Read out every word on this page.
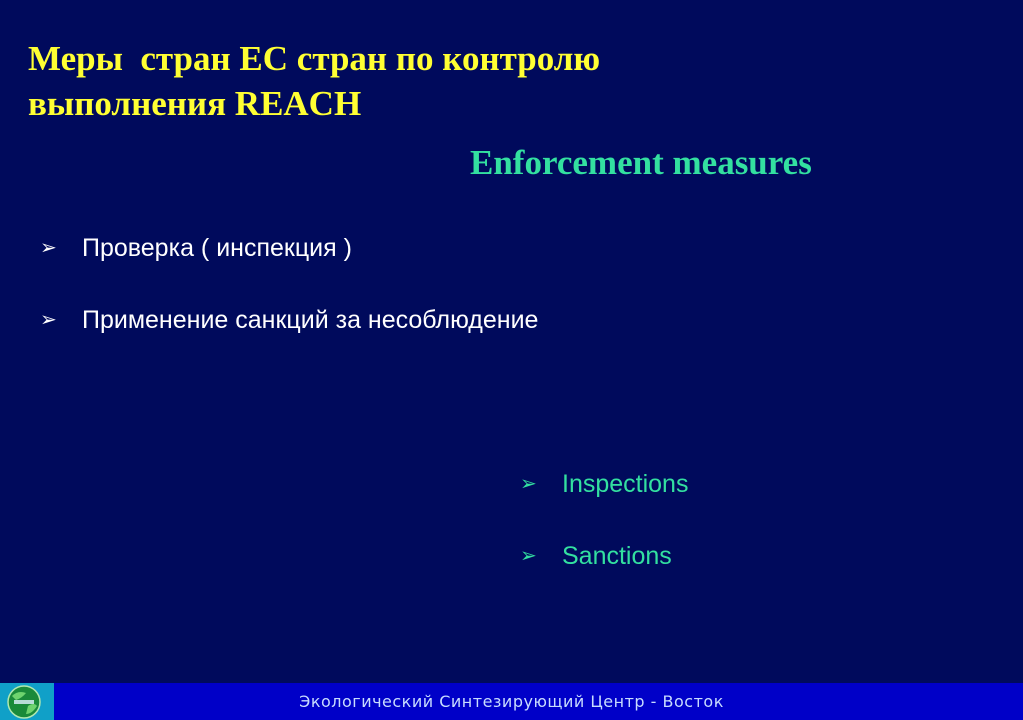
Меры  стран ЕС стран по контролю
выполнения REACH
Enforcement measures
➢	Проверка ( инспекция )
➢	Применение санкций за несоблюдение
➢	Inspections
➢	Sanctions
Экологический Синтезирующий Центр - Восток
